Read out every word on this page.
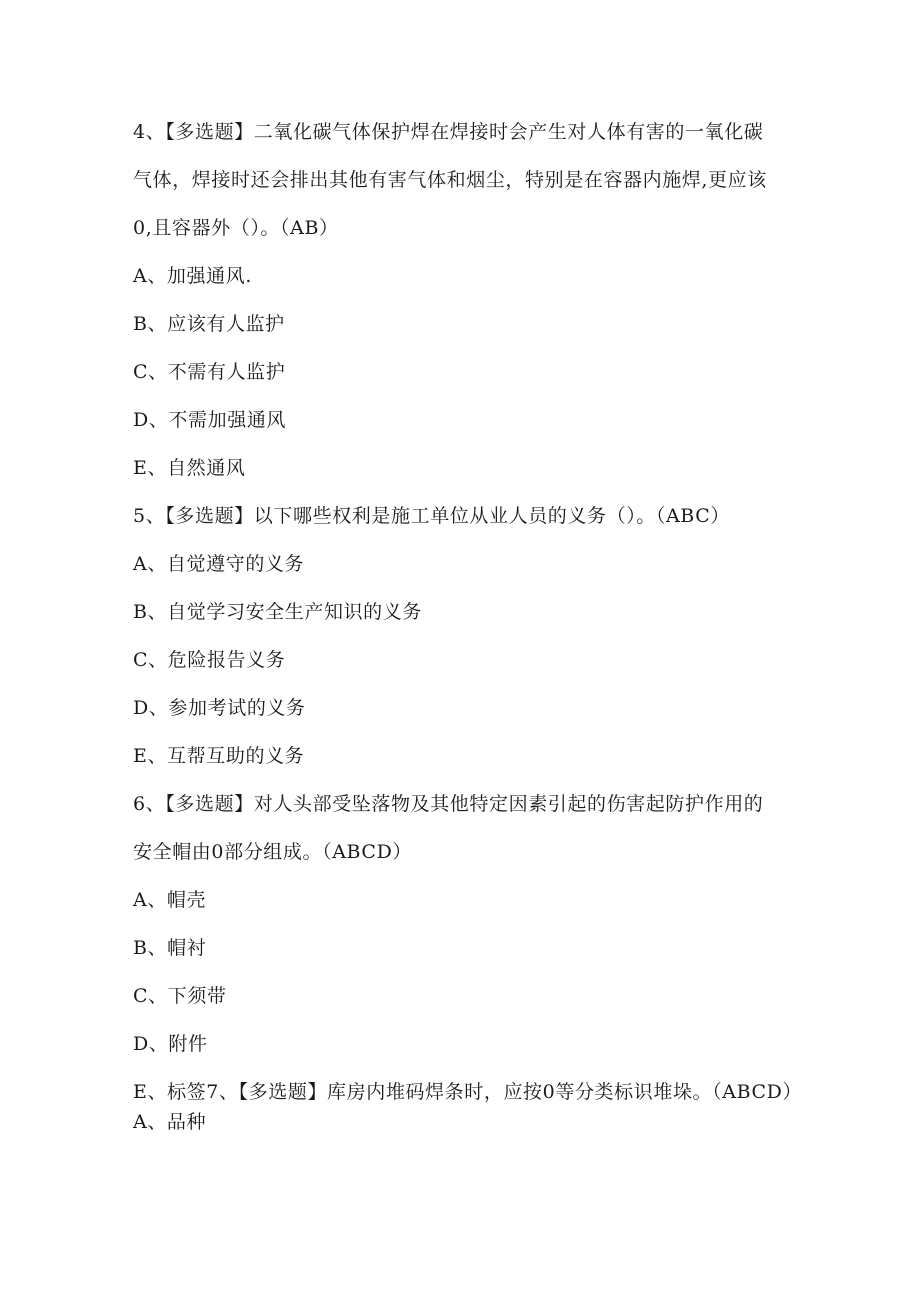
4、【多选题】二氧化碳气体保护焊在焊接时会产生对人体有害的一氧化碳
气体，焊接时还会排出其他有害气体和烟尘，特别是在容器内施焊,更应该
0,且容器外（）。（AB）
A、加强通风.
B、应该有人监护
C、不需有人监护
D、不需加强通风
E、自然通风
5、【多选题】以下哪些权利是施工单位从业人员的义务（）。（ABC）
A、自觉遵守的义务
B、自觉学习安全生产知识的义务
C、危险报告义务
D、参加考试的义务
E、互帮互助的义务
6、【多选题】对人头部受坠落物及其他特定因素引起的伤害起防护作用的
安全帽由0部分组成。（ABCD）
A、帽壳
B、帽衬
C、下须带
D、附件
E、标签7、【多选题】库房内堆码焊条时，应按0等分类标识堆垛。（ABCD）
A、品种
